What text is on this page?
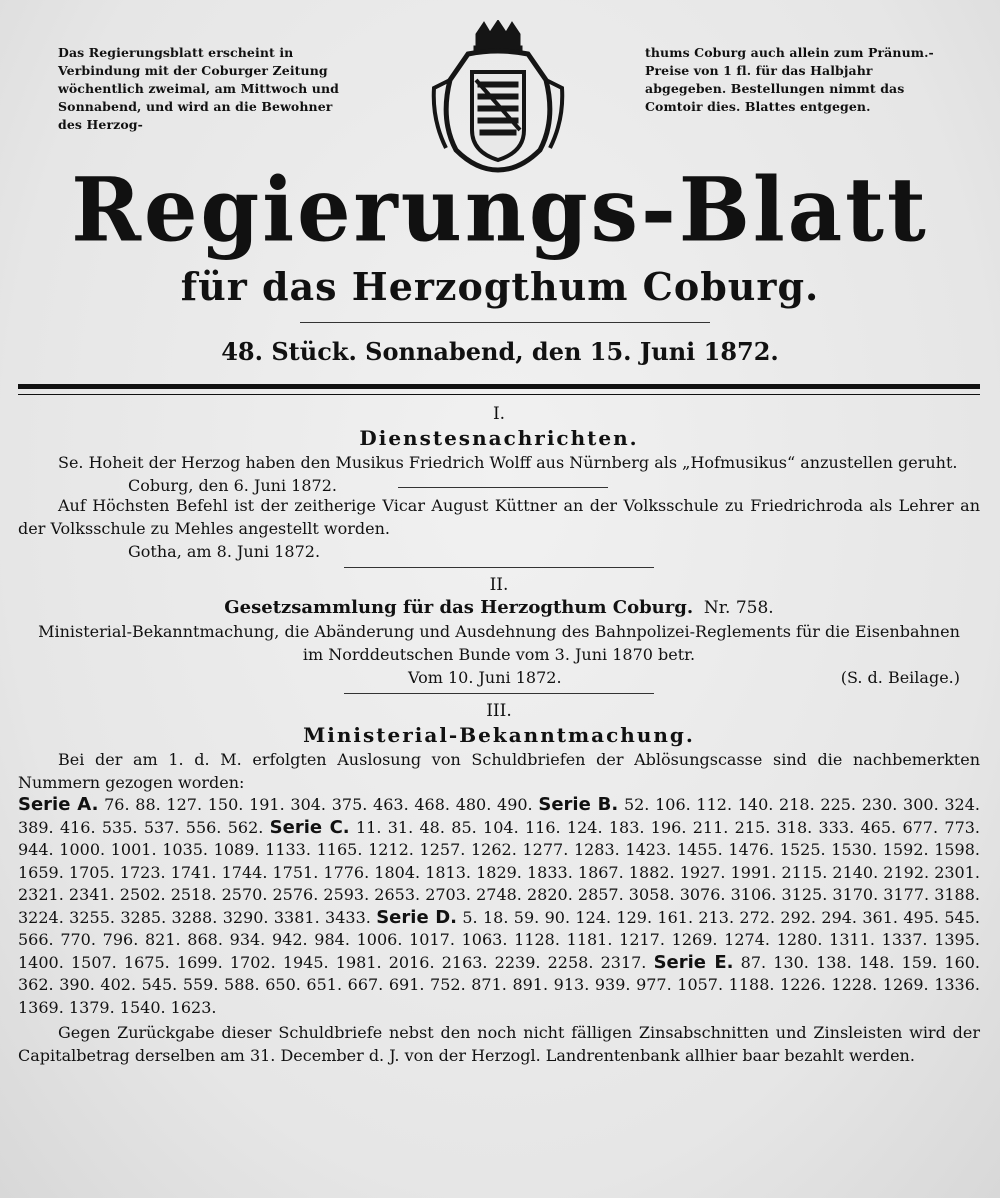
Das Regierungsblatt erscheint in Verbindung mit der Coburger Zeitung wöchentlich zweimal, am Mittwoch und Sonnabend, und wird an die Bewohner des Herzog-
thums Coburg auch allein zum Pränum.-Preise von 1 fl. für das Halbjahr abgegeben. Bestellungen nimmt das Comtoir dies. Blattes entgegen.
Regierungs-Blatt
für das Herzogthum Coburg.
48. Stück. Sonnabend, den 15. Juni 1872.
I.
Dienstesnachrichten.

Se. Hoheit der Herzog haben den Musikus Friedrich Wolff aus Nürnberg als „Hofmusikus“ anzustellen geruht.

Coburg, den 6. Juni 1872.

Auf Höchsten Befehl ist der zeitherige Vicar August Küttner an der Volksschule zu Friedrichroda als Lehrer an der Volksschule zu Mehles angestellt worden.

Gotha, am 8. Juni 1872.

II.
Gesetzsammlung für das Herzogthum Coburg. Nr. 758.

Ministerial-Bekanntmachung, die Abänderung und Ausdehnung des Bahnpolizei-Reglements für die Eisenbahnen im Norddeutschen Bunde vom 3. Juni 1870 betr.

Vom 10. Juni 1872.	(S. d. Beilage.)
III.
Ministerial-Bekanntmachung.

Bei der am 1. d. M. erfolgten Auslosung von Schuldbriefen der Ablösungscasse sind die nachbemerkten Nummern gezogen worden:

Serie A. 76. 88. 127. 150. 191. 304. 375. 463. 468. 480. 490. Serie B. 52. 106. 112. 140. 218. 225. 230. 300. 324. 389. 416. 535. 537. 556. 562. Serie C. 11. 31. 48. 85. 104. 116. 124. 183. 196. 211. 215. 318. 333. 465. 677. 773. 944. 1000. 1001. 1035. 1089. 1133. 1165. 1212. 1257. 1262. 1277. 1283. 1423. 1455. 1476. 1525. 1530. 1592. 1598. 1659. 1705. 1723. 1741. 1744. 1751. 1776. 1804. 1813. 1829. 1833. 1867. 1882. 1927. 1991. 2115. 2140. 2192. 2301. 2321. 2341. 2502. 2518. 2570. 2576. 2593. 2653. 2703. 2748. 2820. 2857. 3058. 3076. 3106. 3125. 3170. 3177. 3188. 3224. 3255. 3285. 3288. 3290. 3381. 3433. Serie D. 5. 18. 59. 90. 124. 129. 161. 213. 272. 292. 294. 361. 495. 545. 566. 770. 796. 821. 868. 934. 942. 984. 1006. 1017. 1063. 1128. 1181. 1217. 1269. 1274. 1280. 1311. 1337. 1395. 1400. 1507. 1675. 1699. 1702. 1945. 1981. 2016. 2163. 2239. 2258. 2317. Serie E. 87. 130. 138. 148. 159. 160. 362. 390. 402. 545. 559. 588. 650. 651. 667. 691. 752. 871. 891. 913. 939. 977. 1057. 1188. 1226. 1228. 1269. 1336. 1369. 1379. 1540. 1623.

Gegen Zurückgabe dieser Schuldbriefe nebst den noch nicht fälligen Zinsabschnitten und Zinsleisten wird der Capitalbetrag derselben am 31. December d. J. von der Herzogl. Landrentenbank allhier baar bezahlt werden.
